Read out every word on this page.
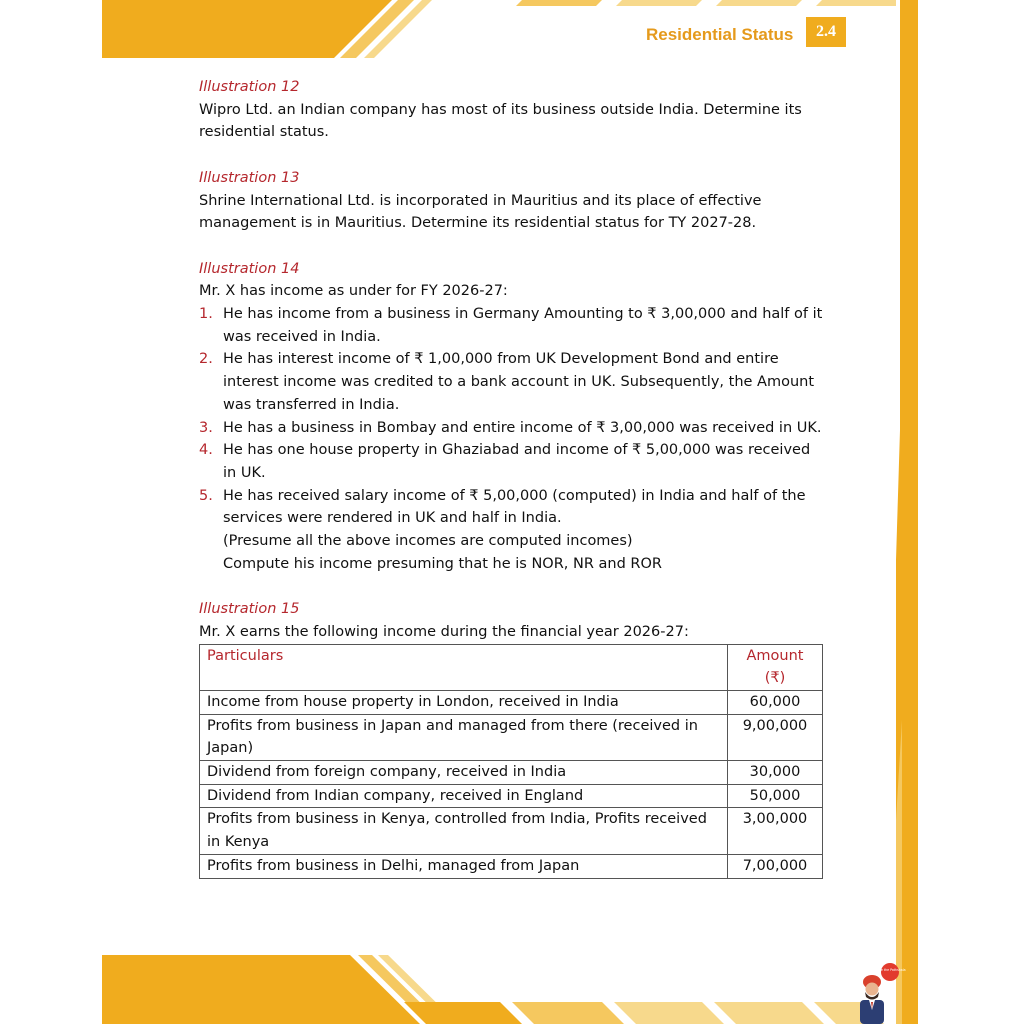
Residential Status	2.4
Illustration 12

Wipro Ltd. an Indian company has most of its business outside India. Determine its residential status.

Illustration 13

Shrine International Ltd. is incorporated in Mauritius and its place of effective management is in Mauritius. Determine its residential status for TY 2027-28.

Illustration 14

Mr. X has income as under for FY 2026-27:

1. He has income from a business in Germany Amounting to ₹ 3,00,000 and half of it was received in India.
2. He has interest income of ₹ 1,00,000 from UK Development Bond and entire interest income was credited to a bank account in UK. Subsequently, the Amount was transferred in India.
3. He has a business in Bombay and entire income of ₹ 3,00,000 was received in UK.
4. He has one house property in Ghaziabad and income of ₹ 5,00,000 was received in UK.
5. He has received salary income of ₹ 5,00,000 (computed) in India and half of the services were rendered in UK and half in India.
(Presume all the above incomes are computed incomes)
Compute his income presuming that he is NOR, NR and ROR
Illustration 15

Mr. X earns the following income during the financial year 2026-27:

Particulars	Amount (₹)
Income from house property in London, received in India	60,000
Profits from business in Japan and managed from there (received in Japan)	9,00,000
Dividend from foreign company, received in India	30,000
Dividend from Indian company, received in England	50,000
Profits from business in Kenya, controlled from India, Profits received in Kenya	3,00,000
Profits from business in Delhi, managed from Japan	7,00,000
Make the Pathshala
